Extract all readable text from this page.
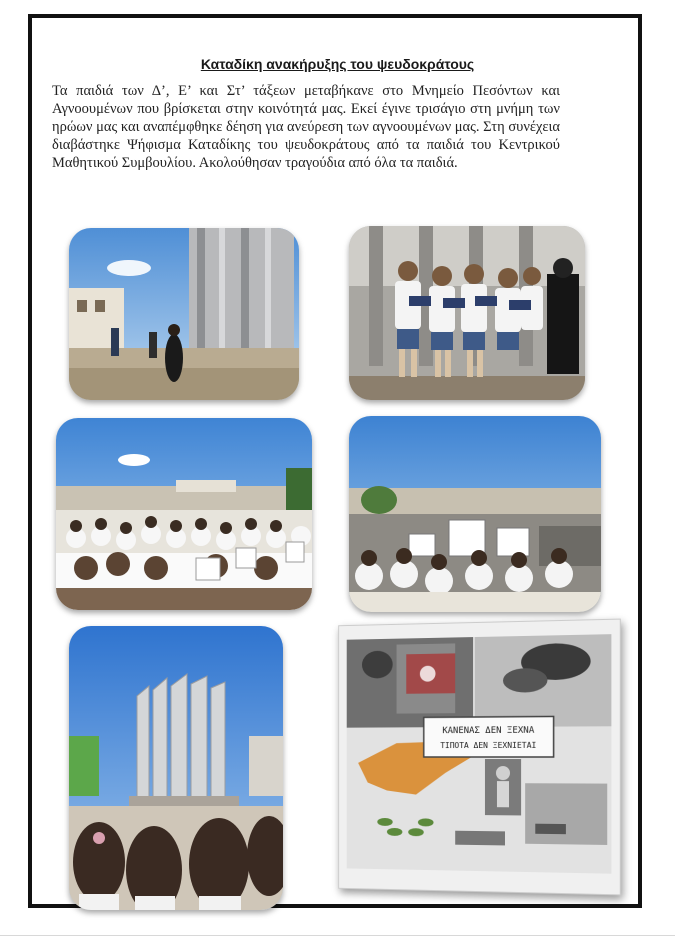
Καταδίκη ανακήρυξης του ψευδοκράτους
Τα παιδιά των Δ’, Ε’ και Στ’ τάξεων μεταβήκανε στο Μνημείο Πεσόντων και Αγνοουμένων που βρίσκεται στην κοινότητά μας. Εκεί έγινε τρισάγιο στη μνήμη των ηρώων μας και αναπέμφθηκε δέηση για ανεύρεση των αγνοουμένων μας. Στη συνέχεια διαβάστηκε Ψήφισμα Καταδίκης του ψευδοκράτους από τα παιδιά του Κεντρικού Μαθητικού Συμβουλίου. Ακολούθησαν τραγούδια από όλα τα παιδιά.
ΚΑΝΕΝΑΣ ΔΕΝ ΞΕΧΝΑ
ΤΙΠΟΤΑ ΔΕΝ ΞΕΧΝΙΕΤΑΙ
